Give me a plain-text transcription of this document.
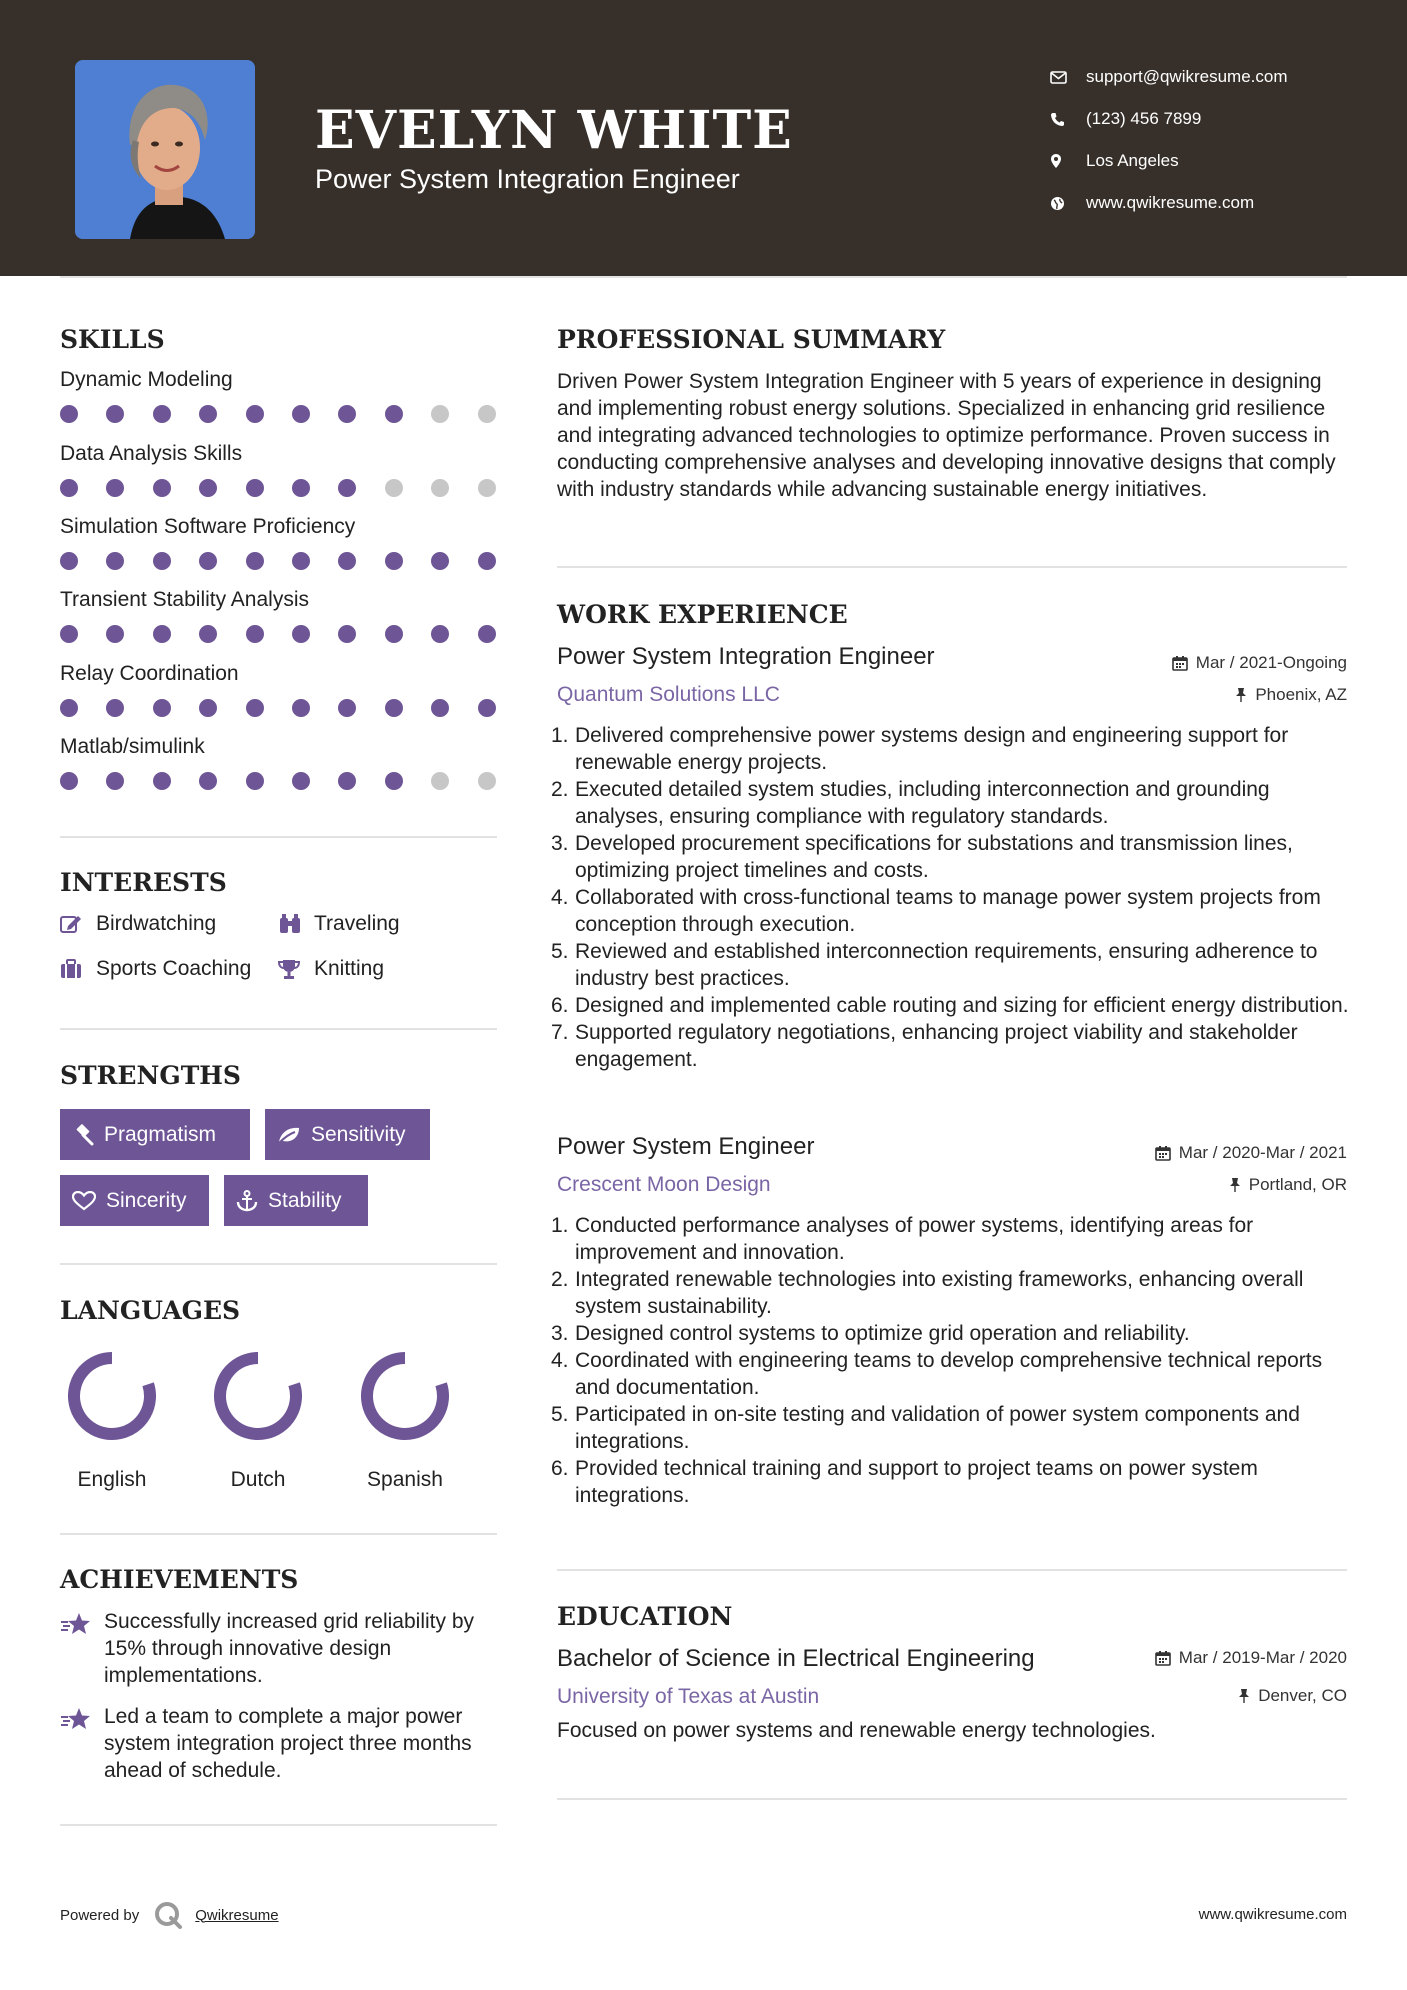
EVELYN WHITE
Power System Integration Engineer
support@qwikresume.com
(123) 456 7899
Los Angeles
www.qwikresume.com
SKILLS
Dynamic Modeling
Data Analysis Skills
Simulation Software Proficiency
Transient Stability Analysis
Relay Coordination
Matlab/simulink
INTERESTS
Birdwatching	Traveling
Sports Coaching	Knitting
STRENGTHS
Pragmatism	Sensitivity
Sincerity	Stability
LANGUAGES
English	Dutch	Spanish
ACHIEVEMENTS
Successfully increased grid reliability by 15% through innovative design implementations.
Led a team to complete a major power system integration project three months ahead of schedule.
PROFESSIONAL SUMMARY
Driven Power System Integration Engineer with 5 years of experience in designing and implementing robust energy solutions. Specialized in enhancing grid resilience and integrating advanced technologies to optimize performance. Proven success in conducting comprehensive analyses and developing innovative designs that comply with industry standards while advancing sustainable energy initiatives.
WORK EXPERIENCE
Power System Integration Engineer	Mar / 2021-Ongoing
Quantum Solutions LLC	Phoenix, AZ
1. Delivered comprehensive power systems design and engineering support for renewable energy projects.
2. Executed detailed system studies, including interconnection and grounding analyses, ensuring compliance with regulatory standards.
3. Developed procurement specifications for substations and transmission lines, optimizing project timelines and costs.
4. Collaborated with cross-functional teams to manage power system projects from conception through execution.
5. Reviewed and established interconnection requirements, ensuring adherence to industry best practices.
6. Designed and implemented cable routing and sizing for efficient energy distribution.
7. Supported regulatory negotiations, enhancing project viability and stakeholder engagement.
Power System Engineer	Mar / 2020-Mar / 2021
Crescent Moon Design	Portland, OR
1. Conducted performance analyses of power systems, identifying areas for improvement and innovation.
2. Integrated renewable technologies into existing frameworks, enhancing overall system sustainability.
3. Designed control systems to optimize grid operation and reliability.
4. Coordinated with engineering teams to develop comprehensive technical reports and documentation.
5. Participated in on-site testing and validation of power system components and integrations.
6. Provided technical training and support to project teams on power system integrations.
EDUCATION
Bachelor of Science in Electrical Engineering	Mar / 2019-Mar / 2020
University of Texas at Austin	Denver, CO
Focused on power systems and renewable energy technologies.
Powered by	Qwikresume	www.qwikresume.com
